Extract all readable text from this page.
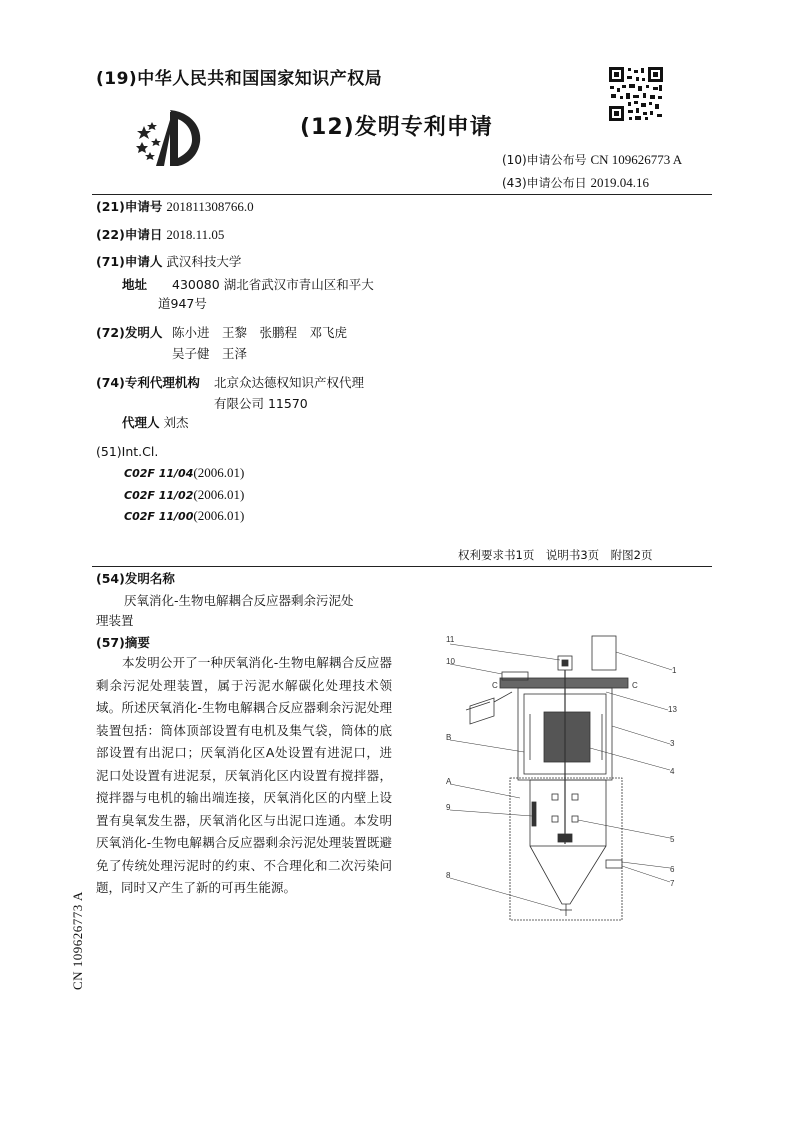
(19)中华人民共和国国家知识产权局
(12)发明专利申请
(10)申请公布号 CN 109626773 A
(43)申请公布日 2019.04.16
(21)申请号 201811308766.0
(22)申请日 2018.11.05
(71)申请人 武汉科技大学
地址 430080 湖北省武汉市青山区和平大
道947号
(72)发明人 陈小进　王黎　张鹏程　邓飞虎
吴子健　王泽
(74)专利代理机构 北京众达德权知识产权代理
有限公司 11570
代理人 刘杰
(51)Int.Cl.
C02F 11/04(2006.01)
C02F 11/02(2006.01)
C02F 11/00(2006.01)
权利要求书1页　说明书3页　附图2页
(54)发明名称
厌氧消化-生物电解耦合反应器剩余污泥处
理装置
(57)摘要
本发明公开了一种厌氧消化-生物电解耦合反应器剩余污泥处理装置，属于污泥水解碳化处理技术领域。所述厌氧消化-生物电解耦合反应器剩余污泥处理装置包括：筒体顶部设置有电机及集气袋，筒体的底部设置有出泥口；厌氧消化区A处设置有进泥口，进泥口处设置有进泥泵，厌氧消化区内设置有搅拌器，搅拌器与电机的输出端连接，厌氧消化区的内壁上设置有臭氧发生器，厌氧消化区与出泥口连通。本发明厌氧消化-生物电解耦合反应器剩余污泥处理装置既避免了传统处理污泥时的约束、不合理化和二次污染问题，同时又产生了新的可再生能源。
CN 109626773 A
11
10
1
C	C
13
3
B
4
A
9
5
6
7
8
